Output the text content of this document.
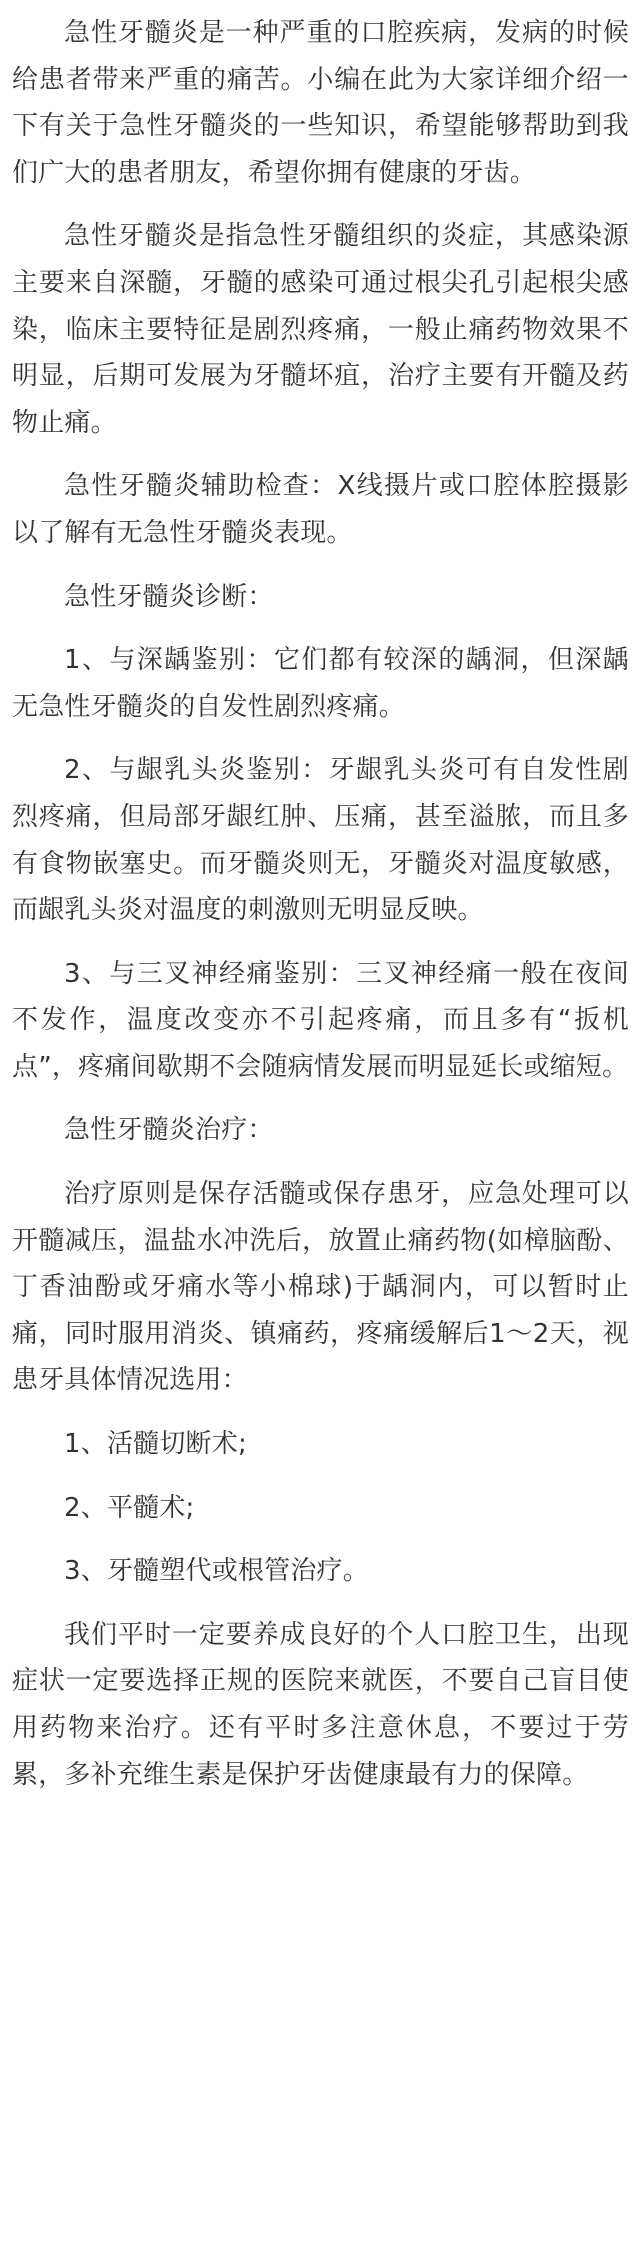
急性牙髓炎是一种严重的口腔疾病，发病的时候给患者带来严重的痛苦。小编在此为大家详细介绍一下有关于急性牙髓炎的一些知识，希望能够帮助到我们广大的患者朋友，希望你拥有健康的牙齿。

急性牙髓炎是指急性牙髓组织的炎症，其感染源主要来自深髓，牙髓的感染可通过根尖孔引起根尖感染，临床主要特征是剧烈疼痛，一般止痛药物效果不明显，后期可发展为牙髓坏疽，治疗主要有开髓及药物止痛。

急性牙髓炎辅助检查：X线摄片或口腔体腔摄影以了解有无急性牙髓炎表现。

急性牙髓炎诊断：

1、与深龋鉴别：它们都有较深的龋洞，但深龋无急性牙髓炎的自发性剧烈疼痛。

2、与龈乳头炎鉴别：牙龈乳头炎可有自发性剧烈疼痛，但局部牙龈红肿、压痛，甚至溢脓，而且多有食物嵌塞史。而牙髓炎则无，牙髓炎对温度敏感，而龈乳头炎对温度的刺激则无明显反映。

3、与三叉神经痛鉴别：三叉神经痛一般在夜间不发作，温度改变亦不引起疼痛，而且多有“扳机点”，疼痛间歇期不会随病情发展而明显延长或缩短。

急性牙髓炎治疗：

治疗原则是保存活髓或保存患牙，应急处理可以开髓减压，温盐水冲洗后，放置止痛药物(如樟脑酚、丁香油酚或牙痛水等小棉球)于龋洞内，可以暂时止痛，同时服用消炎、镇痛药，疼痛缓解后1～2天，视患牙具体情况选用：

1、活髓切断术;

2、平髓术;

3、牙髓塑代或根管治疗。

我们平时一定要养成良好的个人口腔卫生，出现症状一定要选择正规的医院来就医，不要自己盲目使用药物来治疗。还有平时多注意休息，不要过于劳累，多补充维生素是保护牙齿健康最有力的保障。
